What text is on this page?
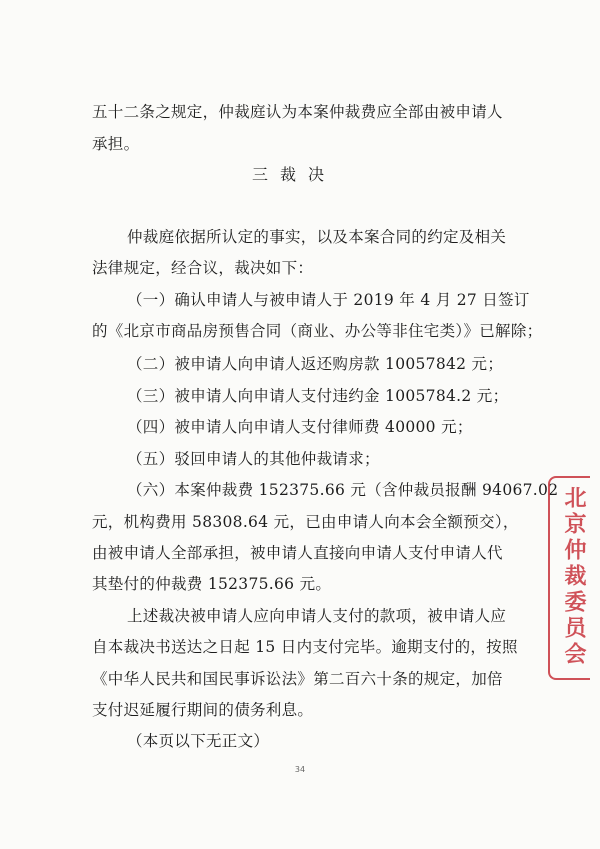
五十二条之规定，仲裁庭认为本案仲裁费应全部由被申请人
承担。
三裁决
仲裁庭依据所认定的事实，以及本案合同的约定及相关
法律规定，经合议，裁决如下：
（一）确认申请人与被申请人于 2019 年 4 月 27 日签订
的《北京市商品房预售合同（商业、办公等非住宅类）》已解除；
（二）被申请人向申请人返还购房款 10057842 元；
（三）被申请人向申请人支付违约金 1005784.2 元；
（四）被申请人向申请人支付律师费 40000 元；
（五）驳回申请人的其他仲裁请求；
（六）本案仲裁费 152375.66 元（含仲裁员报酬 94067.02
元，机构费用 58308.64 元，已由申请人向本会全额预交），
由被申请人全部承担，被申请人直接向申请人支付申请人代
其垫付的仲裁费 152375.66 元。
上述裁决被申请人应向申请人支付的款项，被申请人应
自本裁决书送达之日起 15 日内支付完毕。逾期支付的，按照
《中华人民共和国民事诉讼法》第二百六十条的规定，加倍
支付迟延履行期间的债务利息。
（本页以下无正文）
34
北京仲裁委员会
